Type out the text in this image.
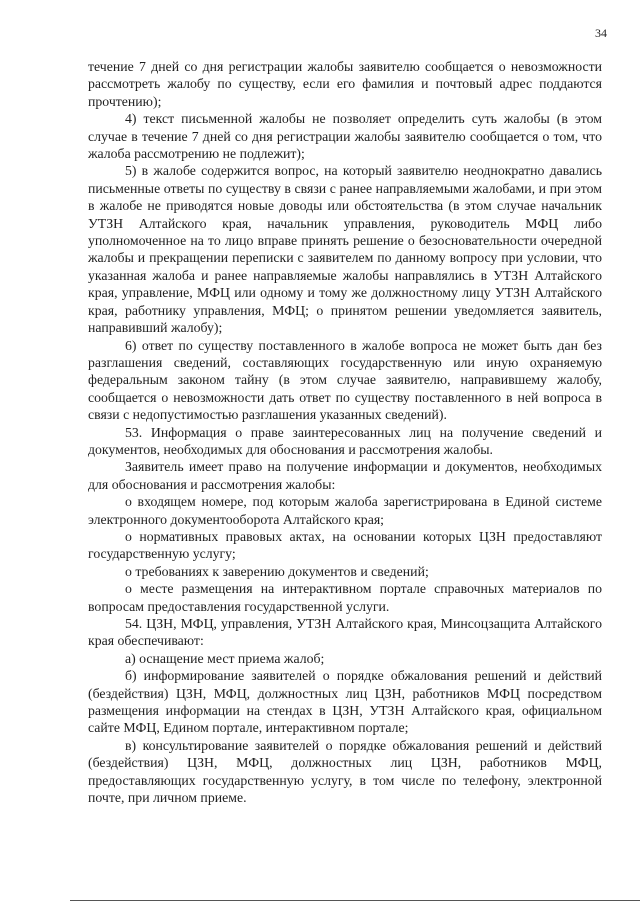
34

течение 7 дней со дня регистрации жалобы заявителю сообщается о невозможности рассмотреть жалобу по существу, если его фамилия и почтовый адрес поддаются прочтению);

4) текст письменной жалобы не позволяет определить суть жалобы (в этом случае в течение 7 дней со дня регистрации жалобы заявителю сообщается о том, что жалоба рассмотрению не подлежит);

5) в жалобе содержится вопрос, на который заявителю неоднократно давались письменные ответы по существу в связи с ранее направляемыми жалобами, и при этом в жалобе не приводятся новые доводы или обстоятельства (в этом случае начальник УТЗН Алтайского края, начальник управления, руководитель МФЦ либо уполномоченное на то лицо вправе принять решение о безосновательности очередной жалобы и прекращении переписки с заявителем по данному вопросу при условии, что указанная жалоба и ранее направляемые жалобы направлялись в УТЗН Алтайского края, управление, МФЦ или одному и тому же должностному лицу УТЗН Алтайского края, работнику управления, МФЦ; о принятом решении уведомляется заявитель, направивший жалобу);

6) ответ по существу поставленного в жалобе вопроса не может быть дан без разглашения сведений, составляющих государственную или иную охраняемую федеральным законом тайну (в этом случае заявителю, направившему жалобу, сообщается о невозможности дать ответ по существу поставленного в ней вопроса в связи с недопустимостью разглашения указанных сведений).

53. Информация о праве заинтересованных лиц на получение сведений и документов, необходимых для обоснования и рассмотрения жалобы.

Заявитель имеет право на получение информации и документов, необходимых для обоснования и рассмотрения жалобы:

о входящем номере, под которым жалоба зарегистрирована в Единой системе электронного документооборота Алтайского края;

о нормативных правовых актах, на основании которых ЦЗН предоставляют государственную услугу;

о требованиях к заверению документов и сведений;

о месте размещения на интерактивном портале справочных материалов по вопросам предоставления государственной услуги.

54. ЦЗН, МФЦ, управления, УТЗН Алтайского края, Минсоцзащита Алтайского края обеспечивают:

а) оснащение мест приема жалоб;

б) информирование заявителей о порядке обжалования решений и действий (бездействия) ЦЗН, МФЦ, должностных лиц ЦЗН, работников МФЦ посредством размещения информации на стендах в ЦЗН, УТЗН Алтайского края, официальном сайте МФЦ, Едином портале, интерактивном портале;

в) консультирование заявителей о порядке обжалования решений и действий (бездействия) ЦЗН, МФЦ, должностных лиц ЦЗН, работников МФЦ, предоставляющих государственную услугу, в том числе по телефону, электронной почте, при личном приеме.
